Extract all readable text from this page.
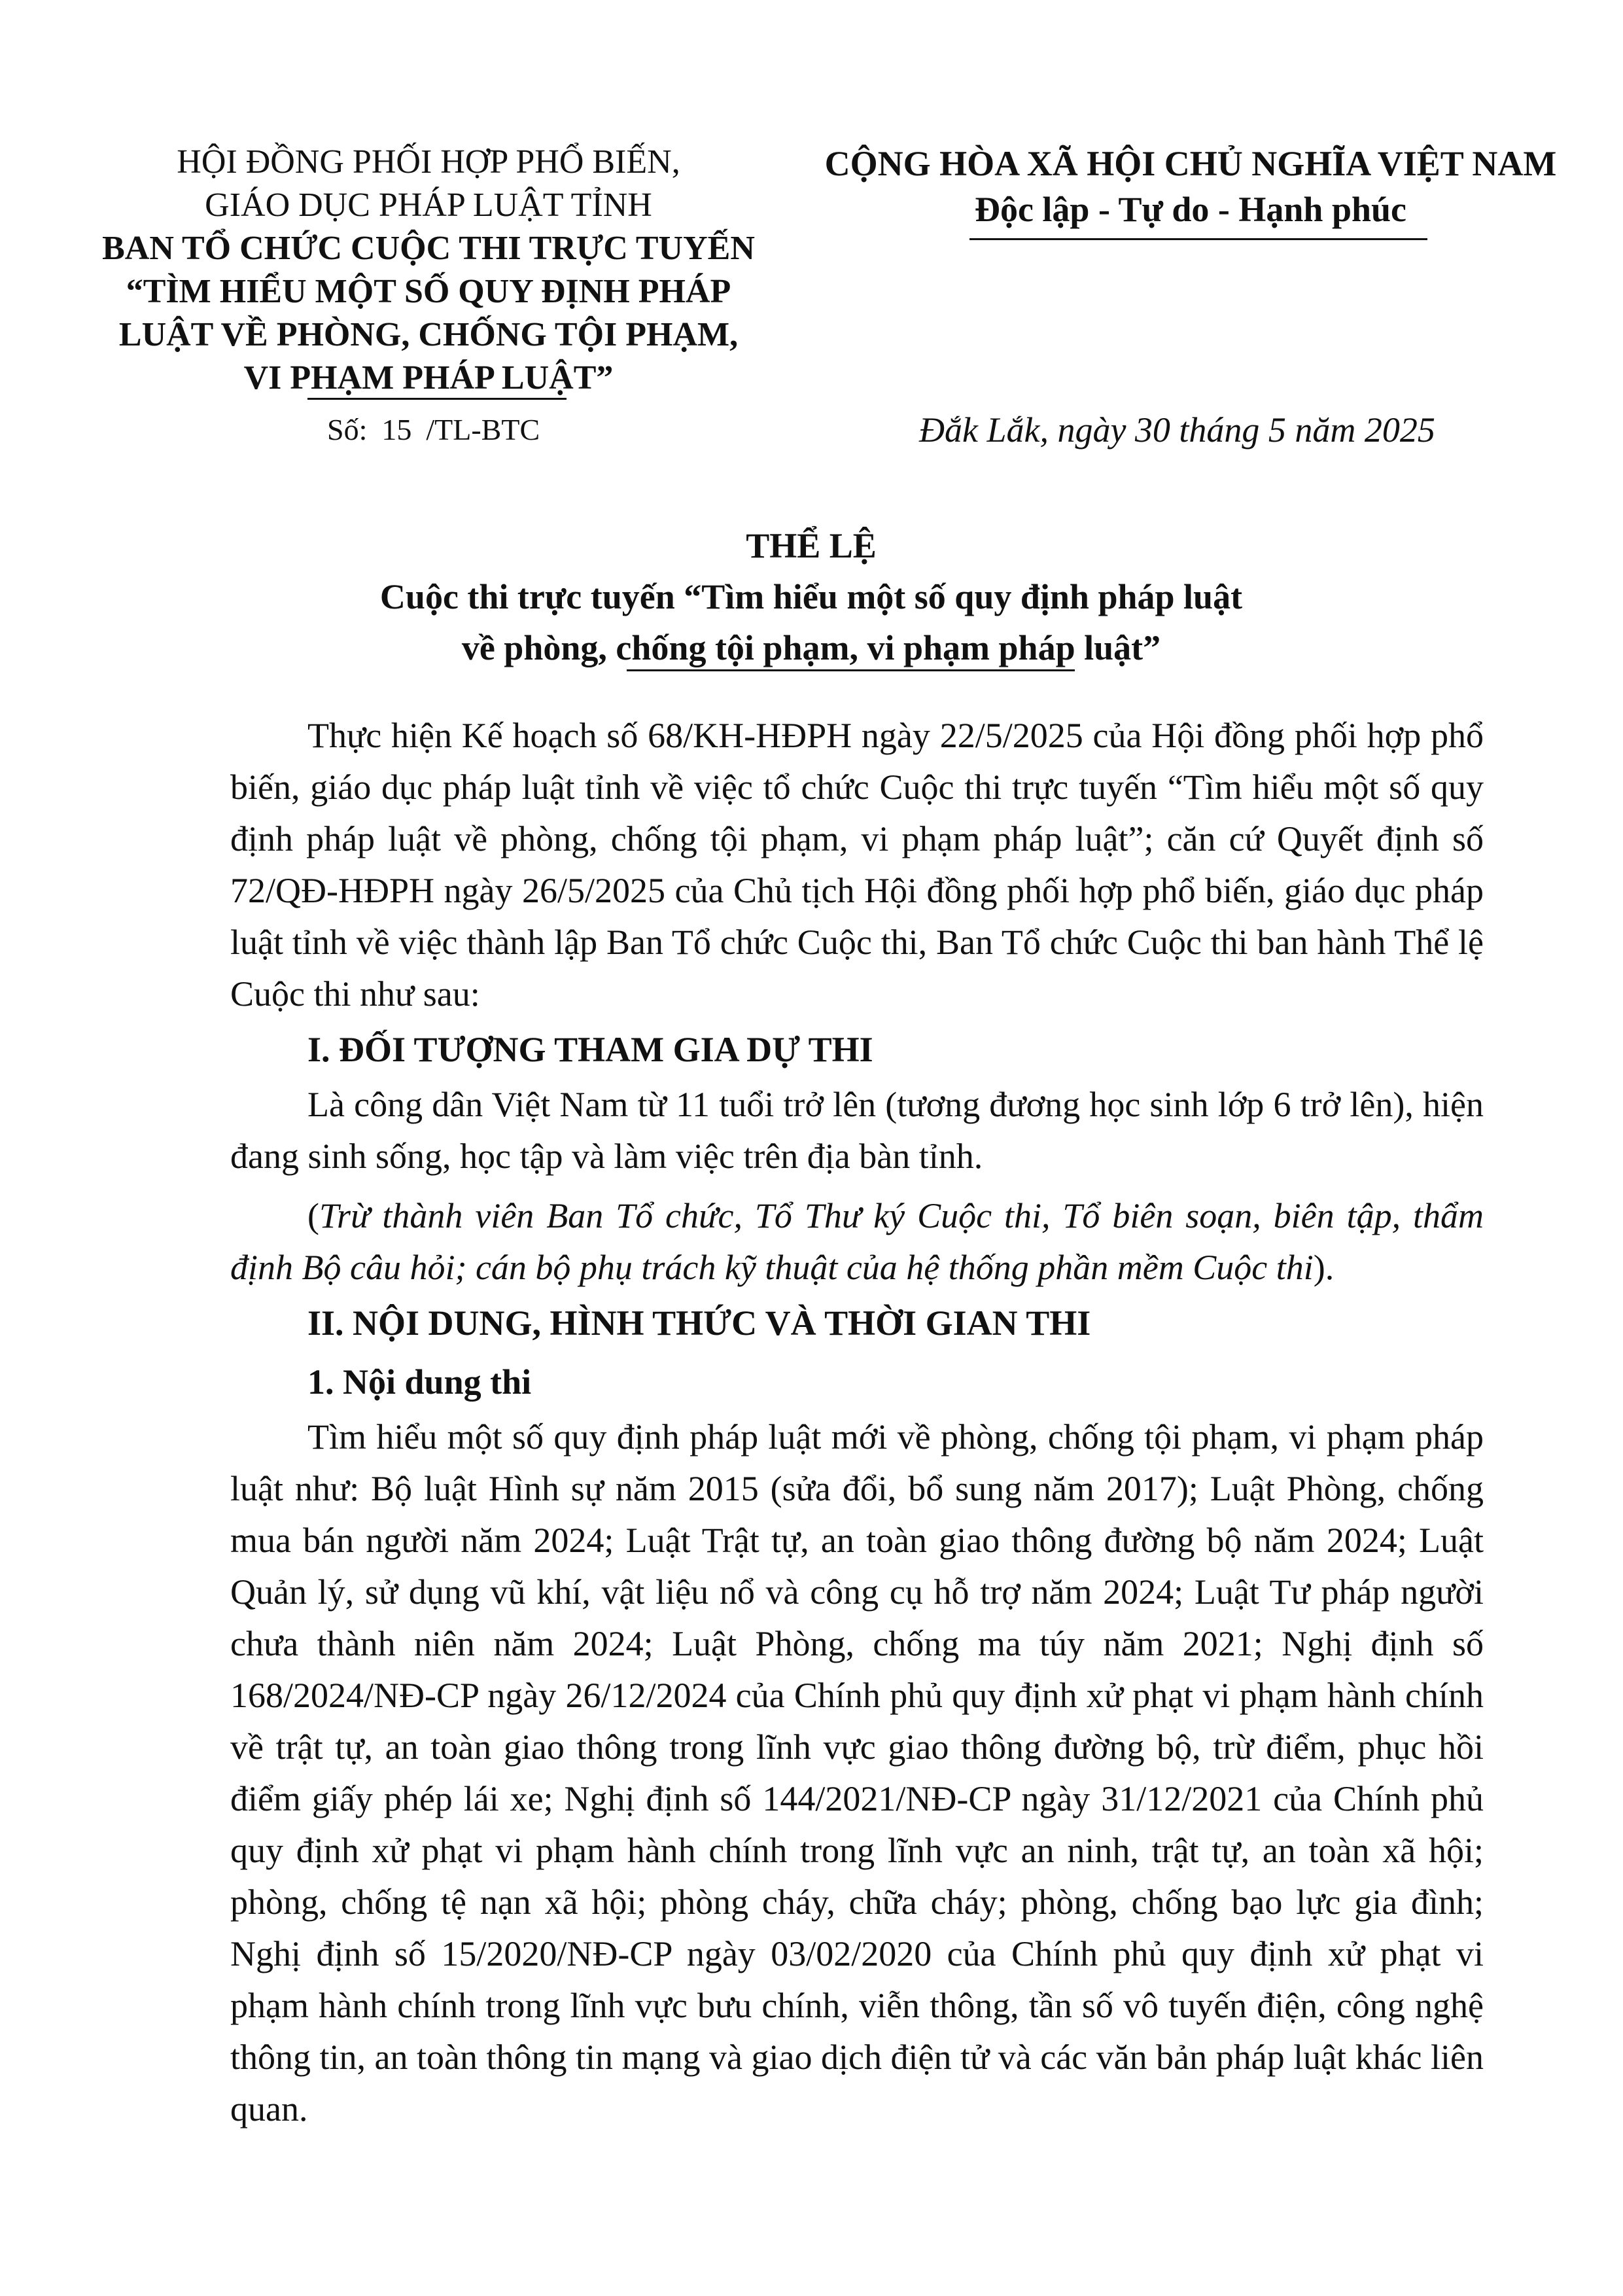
HỘI ĐỒNG PHỐI HỢP PHỔ BIẾN,
GIÁO DỤC PHÁP LUẬT TỈNH
BAN TỔ CHỨC CUỘC THI TRỰC TUYẾN
“TÌM HIỂU MỘT SỐ QUY ĐỊNH PHÁP
LUẬT VỀ PHÒNG, CHỐNG TỘI PHẠM,
VI PHẠM PHÁP LUẬT”
CỘNG HÒA XÃ HỘI CHỦ NGHĨA VIỆT NAM
Độc lập - Tự do - Hạnh phúc
Số: 15 /TL-BTC	Đắk Lắk, ngày 30 tháng 5 năm 2025
THỂ LỆ
Cuộc thi trực tuyến “Tìm hiểu một số quy định pháp luật
về phòng, chống tội phạm, vi phạm pháp luật”

Thực hiện Kế hoạch số 68/KH-HĐPH ngày 22/5/2025 của Hội đồng phối hợp phổ biến, giáo dục pháp luật tỉnh về việc tổ chức Cuộc thi trực tuyến “Tìm hiểu một số quy định pháp luật về phòng, chống tội phạm, vi phạm pháp luật”; căn cứ Quyết định số 72/QĐ-HĐPH ngày 26/5/2025 của Chủ tịch Hội đồng phối hợp phổ biến, giáo dục pháp luật tỉnh về việc thành lập Ban Tổ chức Cuộc thi, Ban Tổ chức Cuộc thi ban hành Thể lệ Cuộc thi như sau:

I. ĐỐI TƯỢNG THAM GIA DỰ THI

Là công dân Việt Nam từ 11 tuổi trở lên (tương đương học sinh lớp 6 trở lên), hiện đang sinh sống, học tập và làm việc trên địa bàn tỉnh.

(Trừ thành viên Ban Tổ chức, Tổ Thư ký Cuộc thi, Tổ biên soạn, biên tập, thẩm định Bộ câu hỏi; cán bộ phụ trách kỹ thuật của hệ thống phần mềm Cuộc thi).

II. NỘI DUNG, HÌNH THỨC VÀ THỜI GIAN THI
1. Nội dung thi

Tìm hiểu một số quy định pháp luật mới về phòng, chống tội phạm, vi phạm pháp luật như: Bộ luật Hình sự năm 2015 (sửa đổi, bổ sung năm 2017); Luật Phòng, chống mua bán người năm 2024; Luật Trật tự, an toàn giao thông đường bộ năm 2024; Luật Quản lý, sử dụng vũ khí, vật liệu nổ và công cụ hỗ trợ năm 2024; Luật Tư pháp người chưa thành niên năm 2024; Luật Phòng, chống ma túy năm 2021; Nghị định số 168/2024/NĐ-CP ngày 26/12/2024 của Chính phủ quy định xử phạt vi phạm hành chính về trật tự, an toàn giao thông trong lĩnh vực giao thông đường bộ, trừ điểm, phục hồi điểm giấy phép lái xe; Nghị định số 144/2021/NĐ-CP ngày 31/12/2021 của Chính phủ quy định xử phạt vi phạm hành chính trong lĩnh vực an ninh, trật tự, an toàn xã hội; phòng, chống tệ nạn xã hội; phòng cháy, chữa cháy; phòng, chống bạo lực gia đình; Nghị định số 15/2020/NĐ-CP ngày 03/02/2020 của Chính phủ quy định xử phạt vi phạm hành chính trong lĩnh vực bưu chính, viễn thông, tần số vô tuyến điện, công nghệ thông tin, an toàn thông tin mạng và giao dịch điện tử và các văn bản pháp luật khác liên quan.
